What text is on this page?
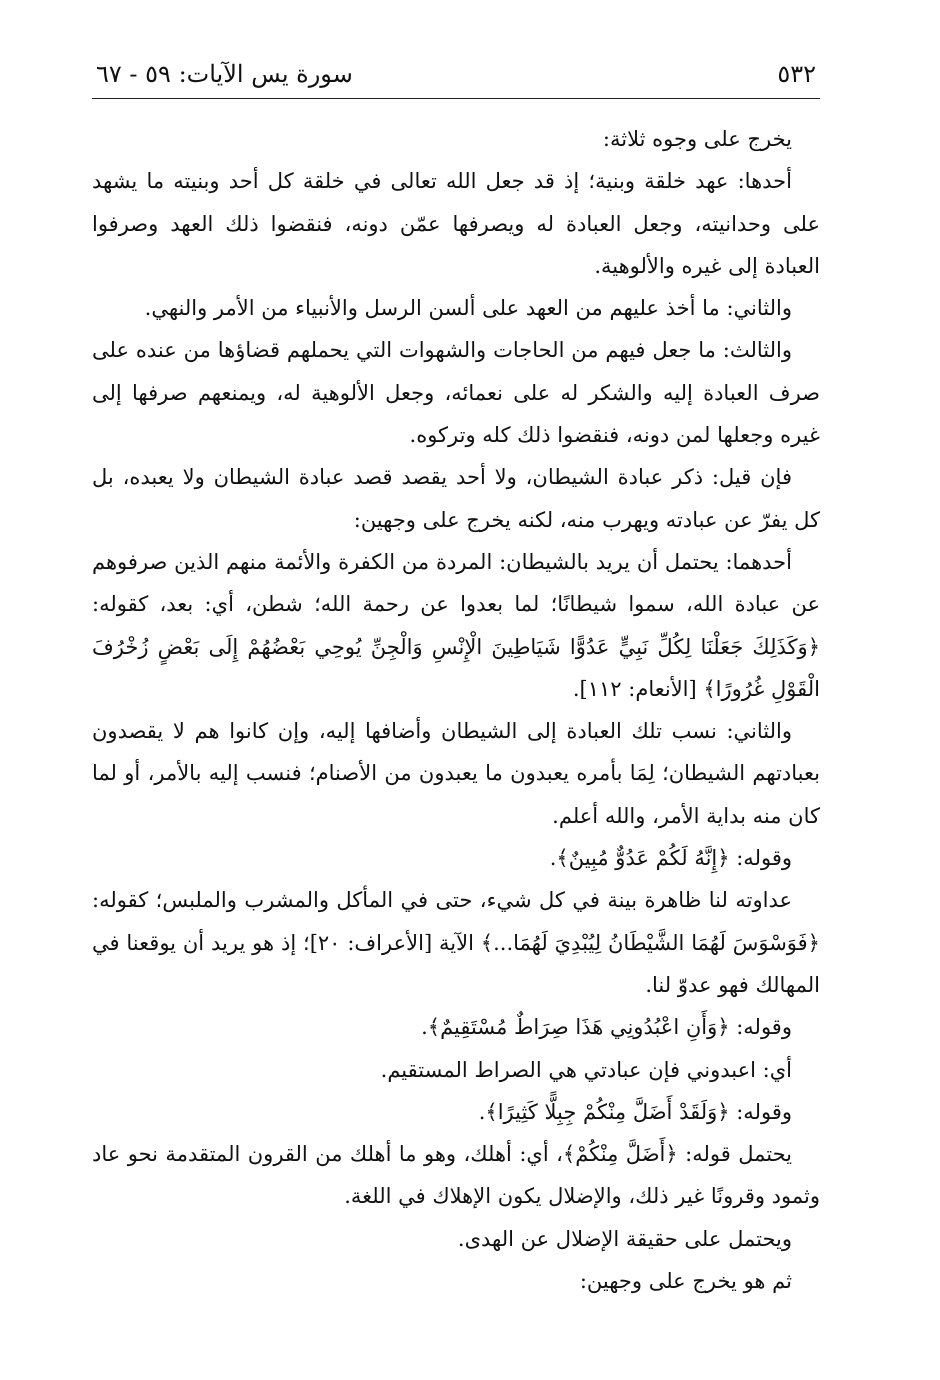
٥٣٢
سورة يس الآيات: ٥٩ - ٦٧

يخرج على وجوه ثلاثة:

أحدها: عهد خلقة وبنية؛ إذ قد جعل الله تعالى في خلقة كل أحد وبنيته ما يشهد على وحدانيته، وجعل العبادة له ويصرفها عمّن دونه، فنقضوا ذلك العهد وصرفوا العبادة إلى غيره والألوهية.

والثاني: ما أخذ عليهم من العهد على ألسن الرسل والأنبياء من الأمر والنهي.

والثالث: ما جعل فيهم من الحاجات والشهوات التي يحملهم قضاؤها من عنده على صرف العبادة إليه والشكر له على نعمائه، وجعل الألوهية له، ويمنعهم صرفها إلى غيره وجعلها لمن دونه، فنقضوا ذلك كله وتركوه.

فإن قيل: ذكر عبادة الشيطان، ولا أحد يقصد قصد عبادة الشيطان ولا يعبده، بل كل يفرّ عن عبادته ويهرب منه، لكنه يخرج على وجهين:

أحدهما: يحتمل أن يريد بالشيطان: المردة من الكفرة والأئمة منهم الذين صرفوهم عن عبادة الله، سموا شيطانًا؛ لما بعدوا عن رحمة الله؛ شطن، أي: بعد، كقوله: ﴿وَكَذَلِكَ جَعَلْنَا لِكُلِّ نَبِيٍّ عَدُوًّا شَيَاطِينَ الْإِنْسِ وَالْجِنِّ يُوحِي بَعْضُهُمْ إِلَى بَعْضٍ زُخْرُفَ الْقَوْلِ غُرُورًا﴾ [الأنعام: ١١٢].

والثاني: نسب تلك العبادة إلى الشيطان وأضافها إليه، وإن كانوا هم لا يقصدون بعبادتهم الشيطان؛ لِمَا بأمره يعبدون ما يعبدون من الأصنام؛ فنسب إليه بالأمر، أو لما كان منه بداية الأمر، والله أعلم.

وقوله: ﴿إِنَّهُ لَكُمْ عَدُوٌّ مُبِينٌ﴾.

عداوته لنا ظاهرة بينة في كل شيء، حتى في المأكل والمشرب والملبس؛ كقوله: ﴿فَوَسْوَسَ لَهُمَا الشَّيْطَانُ لِيُبْدِيَ لَهُمَا...﴾ الآية [الأعراف: ٢٠]؛ إذ هو يريد أن يوقعنا في المهالك فهو عدوّ لنا.

وقوله: ﴿وَأَنِ اعْبُدُونِي هَذَا صِرَاطٌ مُسْتَقِيمٌ﴾.

أي: اعبدوني فإن عبادتي هي الصراط المستقيم.

وقوله: ﴿وَلَقَدْ أَضَلَّ مِنْكُمْ جِبِلًّا كَثِيرًا﴾.

يحتمل قوله: ﴿أَضَلَّ مِنْكُمْ﴾، أي: أهلك، وهو ما أهلك من القرون المتقدمة نحو عاد وثمود وقرونًا غير ذلك، والإضلال يكون الإهلاك في اللغة.

ويحتمل على حقيقة الإضلال عن الهدى.

ثم هو يخرج على وجهين:
